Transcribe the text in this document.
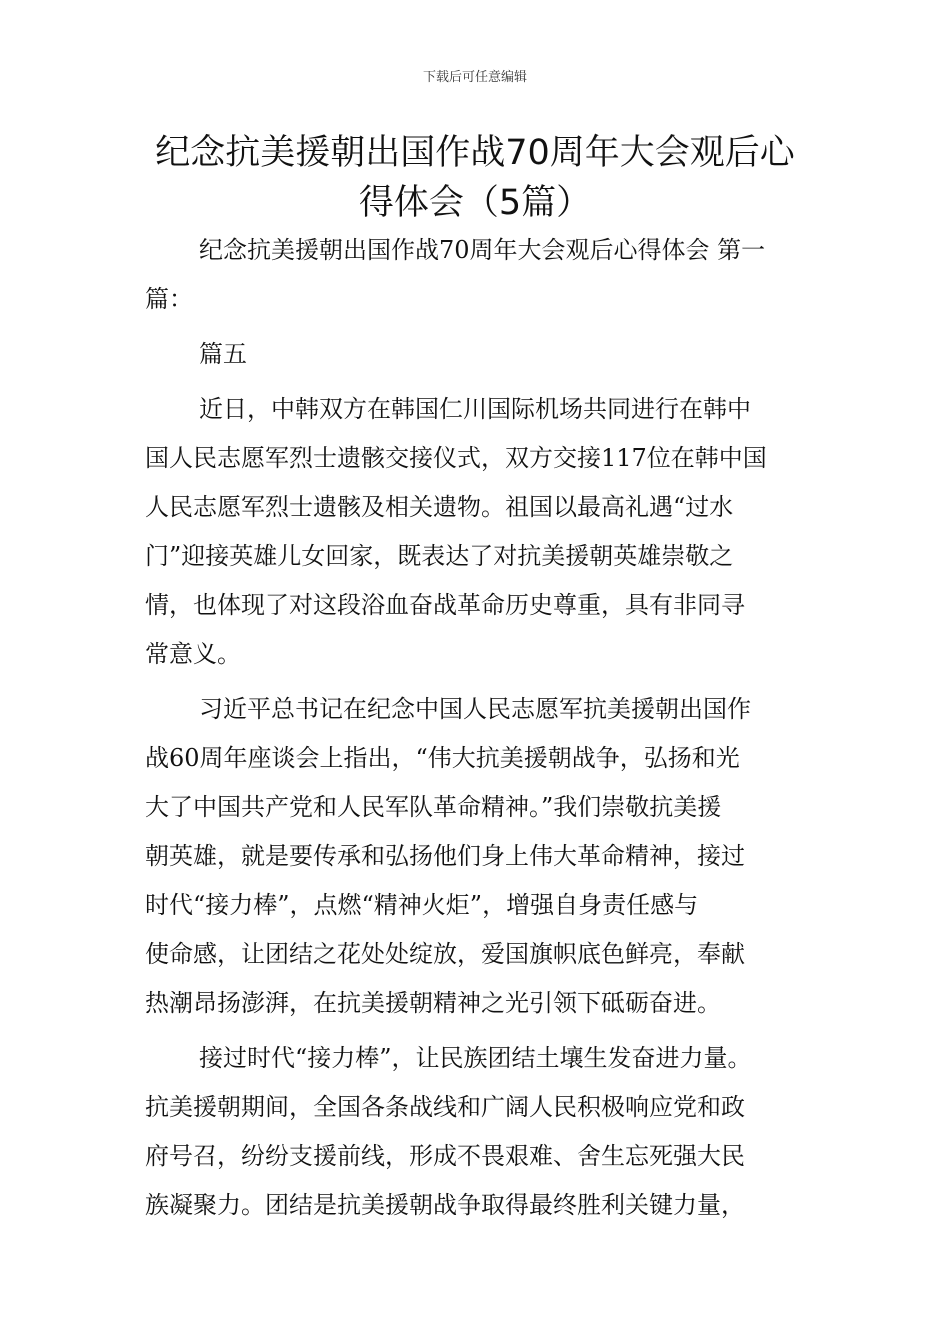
下载后可任意编辑
纪念抗美援朝出国作战70周年大会观后心
得体会（5篇）

纪念抗美援朝出国作战70周年大会观后心得体会 第一
篇：

篇五

近日，中韩双方在韩国仁川国际机场共同进行在韩中
国人民志愿军烈士遗骸交接仪式，双方交接117位在韩中国
人民志愿军烈士遗骸及相关遗物。祖国以最高礼遇“过水
门”迎接英雄儿女回家，既表达了对抗美援朝英雄崇敬之
情，也体现了对这段浴血奋战革命历史尊重，具有非同寻
常意义。

习近平总书记在纪念中国人民志愿军抗美援朝出国作
战60周年座谈会上指出，“伟大抗美援朝战争，弘扬和光
大了中国共产党和人民军队革命精神。”我们崇敬抗美援
朝英雄，就是要传承和弘扬他们身上伟大革命精神，接过
时代“接力棒”，点燃“精神火炬”，增强自身责任感与
使命感，让团结之花处处绽放，爱国旗帜底色鲜亮，奉献
热潮昂扬澎湃，在抗美援朝精神之光引领下砥砺奋进。

接过时代“接力棒”，让民族团结土壤生发奋进力量。
抗美援朝期间，全国各条战线和广阔人民积极响应党和政
府号召，纷纷支援前线，形成不畏艰难、舍生忘死强大民
族凝聚力。团结是抗美援朝战争取得最终胜利关键力量，
